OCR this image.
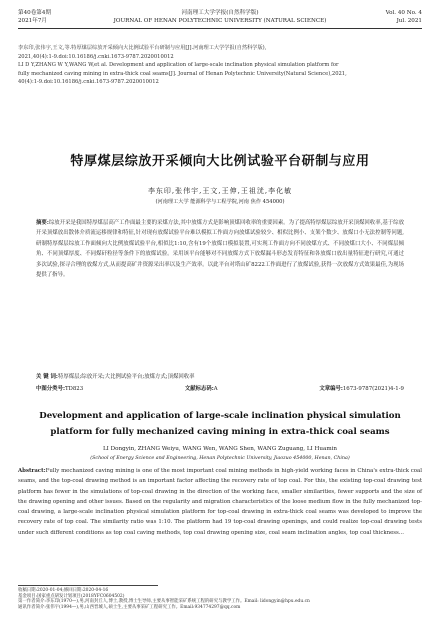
第40卷第4期	河南理工大学学报(自然科学版)	Vol. 40 No. 4
2021年7月	JOURNAL OF HENAN POLYTECHNIC UNIVERSITY (NATURAL SCIENCE)	Jul. 2021
李东印,张伟宇,王文,等.特厚煤层综放开采倾向大比例试验平台研制与应用[J].河南理工大学学报(自然科学版),
2021,40(4):1-9.doi:10.16186/j.cnki.1673-9787.2020010012
LI D Y,ZHANG W Y,WANG W,et al. Development and application of large-scale inclination physical simulation platform for
fully mechanized caving mining in extra-thick coal seams[J]. Journal of Henan Polytechnic University(Natural Science),2021,
40(4):1-9.doi:10.16186/j.cnki.1673-9787.2020010012
特厚煤层综放开采倾向大比例试验平台研制与应用
李东印,张伟宇,王文,王伸,王祖洸,李化敏
(河南理工大学 能源科学与工程学院,河南 焦作 454000)
摘要:综放开采是我国特厚煤层高产工作面最主要的采煤方法,其中放煤方式是影响顶煤回收率的重要因素。为了提高特厚煤层综放开采顶煤回收率,基于综放开采顶煤放出散体介质流运移规律和特征,针对现有放煤试验平台难以模拟工作面方向放煤试验较少、相似比例小、支架个数少、放煤口小无法控制等问题,研制特厚煤层综放工作面倾向大比例放煤试验平台,相似比1:10,含有19个放煤口模拟装置,可实现工作面方向不同放煤方式、不同放煤口大小、不同煤层倾角、不同顶煤厚度、不同煤矸粒径等条件下的放煤试验。采用该平台能够对不同放煤方式下放煤漏斗形态发育特征和各放煤口放出量特征进行研究,可通过多次试验,探寻合理的放煤方式,从而提高矿井资源采出率以及生产效率。以此平台对塔山矿8222工作面进行了放煤试验,获得一次放煤方式效果最佳,为现场提供了指导。
关 键 词:特厚煤层;综放开采;大比例试验平台;放煤方式;顶煤回收率
中图分类号:TD823	文献标志码:A	文章编号:1673-9787(2021)4-1-9
Development and application of large-scale inclination physical simulation platform for fully mechanized caving mining in extra-thick coal seams
LI Dongyin, ZHANG Weiyu, WANG Wen, WANG Shen, WANG Zuguang, LI Huamin
(School of Energy Science and Engineering, Henan Polytechnic University, Jiaozuo 454000, Henan, China)
Abstract:Fully mechanized caving mining is one of the most important coal mining methods in high-yield working faces in China's extra-thick coal seams, and the top-coal drawing method is an important factor affecting the recovery rate of top coal. For this, the existing top-coal drawing test platform has fewer in the simulations of top-coal drawing in the direction of the working face, smaller similarities, fewer supports and the size of the drawing opening and other issues. Based on the regularity and migration characteristics of the loose medium flow in the fully mechanized top-coal drawing, a large-scale inclination physical simulation platform for top-coal drawing in extra-thick coal seams was developed to improve the recovery rate of top coal. The similarity ratio was 1:10. The platform had 19 top-coal drawing openings, and could realize top-coal drawing tests under such different conditions as top coal caving methods, top coal drawing opening size, coal seam inclination angles, top coal thickness...
收稿日期:2020-01-04;修回日期:2020-04-16
基金项目:国家重点研发计划项目(2018YFC0604502)
第一作者简介:李东印(1970—),男,河南封丘人,博士,教授,博士生导师,主要从事智能采矿系统工程的研究与教学工作。Email: lidongyin@hpu.edu.cn
通讯作者简介:张伟宇(1994—),男,山西晋城人,硕士生,主要从事采矿工程研究工作。Email:934774297@qq.com
